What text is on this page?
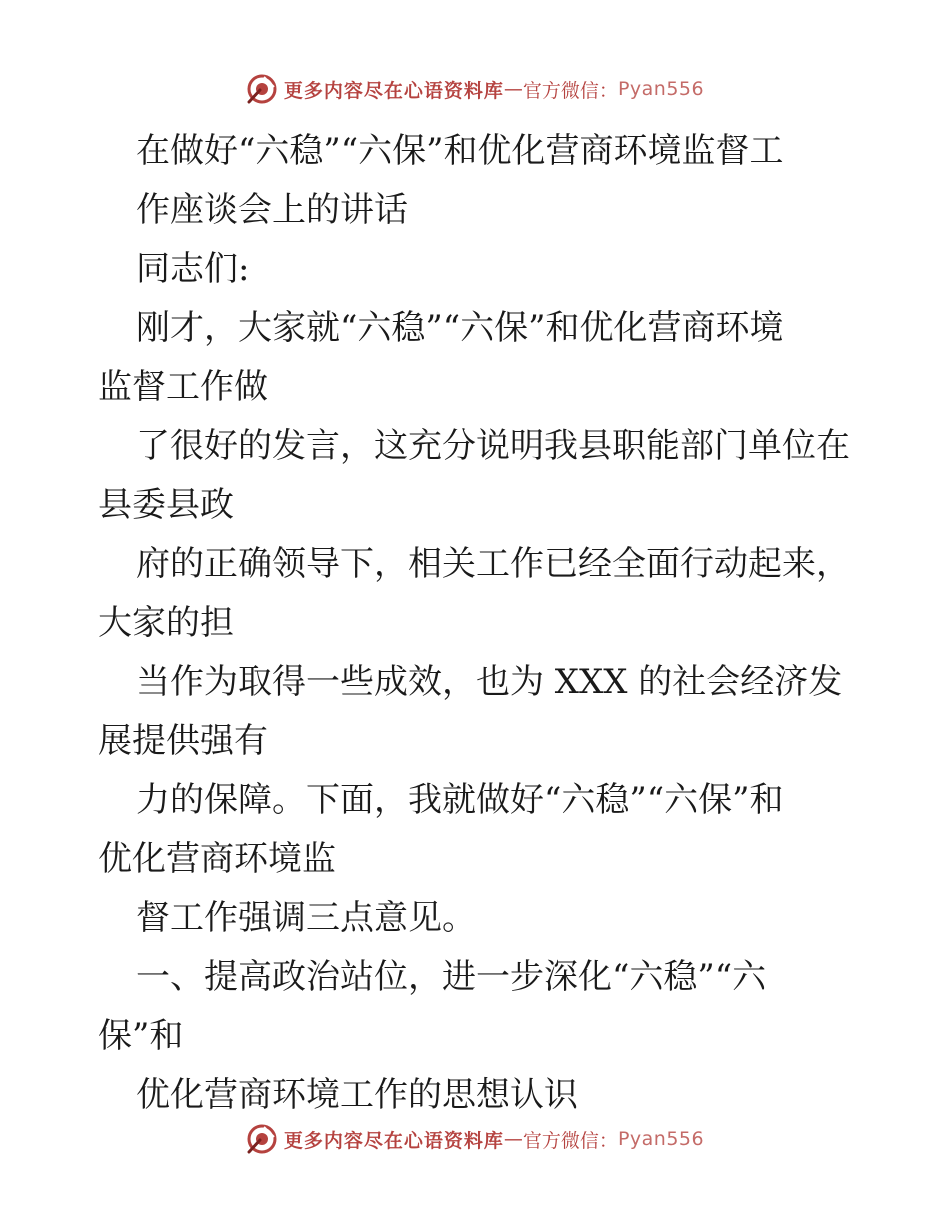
更多内容尽在心语资料库 — 官方微信： Pyan556

在做好“六稳”“六保”和优化营商环境监督工

作座谈会上的讲话

同志们:

刚才，大家就“六稳”“六保”和优化营商环境

监督工作做

了很好的发言，这充分说明我县职能部门单位在

县委县政

府的正确领导下，相关工作已经全面行动起来，

大家的担

当作为取得一些成效，也为 XXX 的社会经济发

展提供强有

力的保障。下面，我就做好“六稳”“六保”和

优化营商环境监

督工作强调三点意见。

一、提高政治站位，进一步深化“六稳”“六

保”和

优化营商环境工作的思想认识

更多内容尽在心语资料库 — 官方微信： Pyan556
